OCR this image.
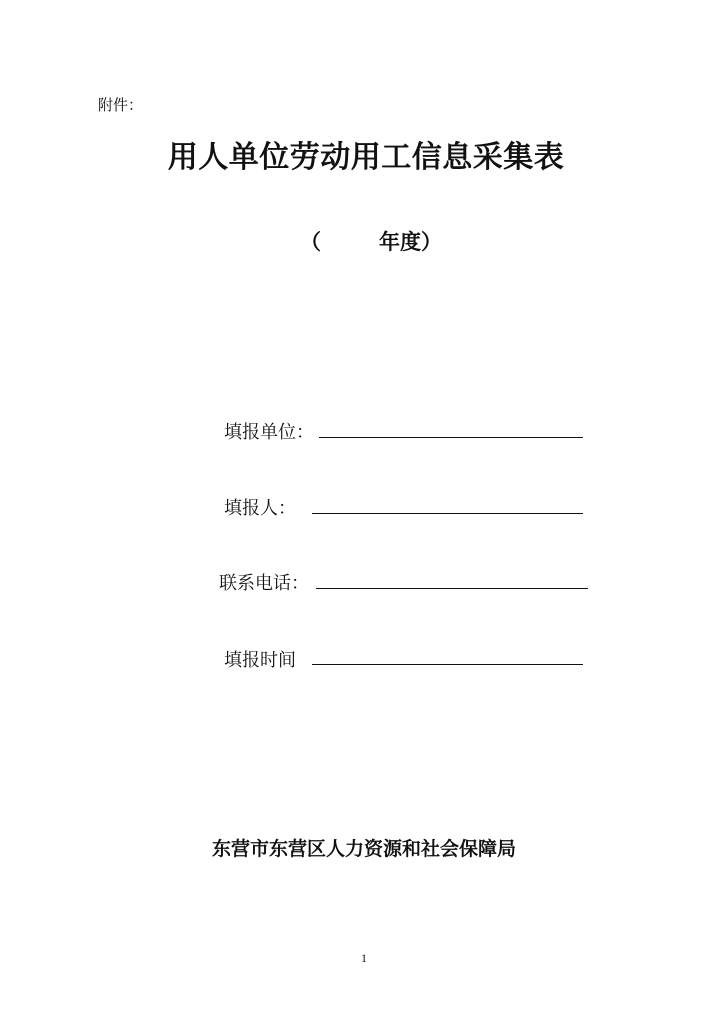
附件：
用人单位劳动用工信息采集表
（	年度）
填报单位：
填报人：
联系电话：
填报时间
东营市东营区人力资源和社会保障局
1
